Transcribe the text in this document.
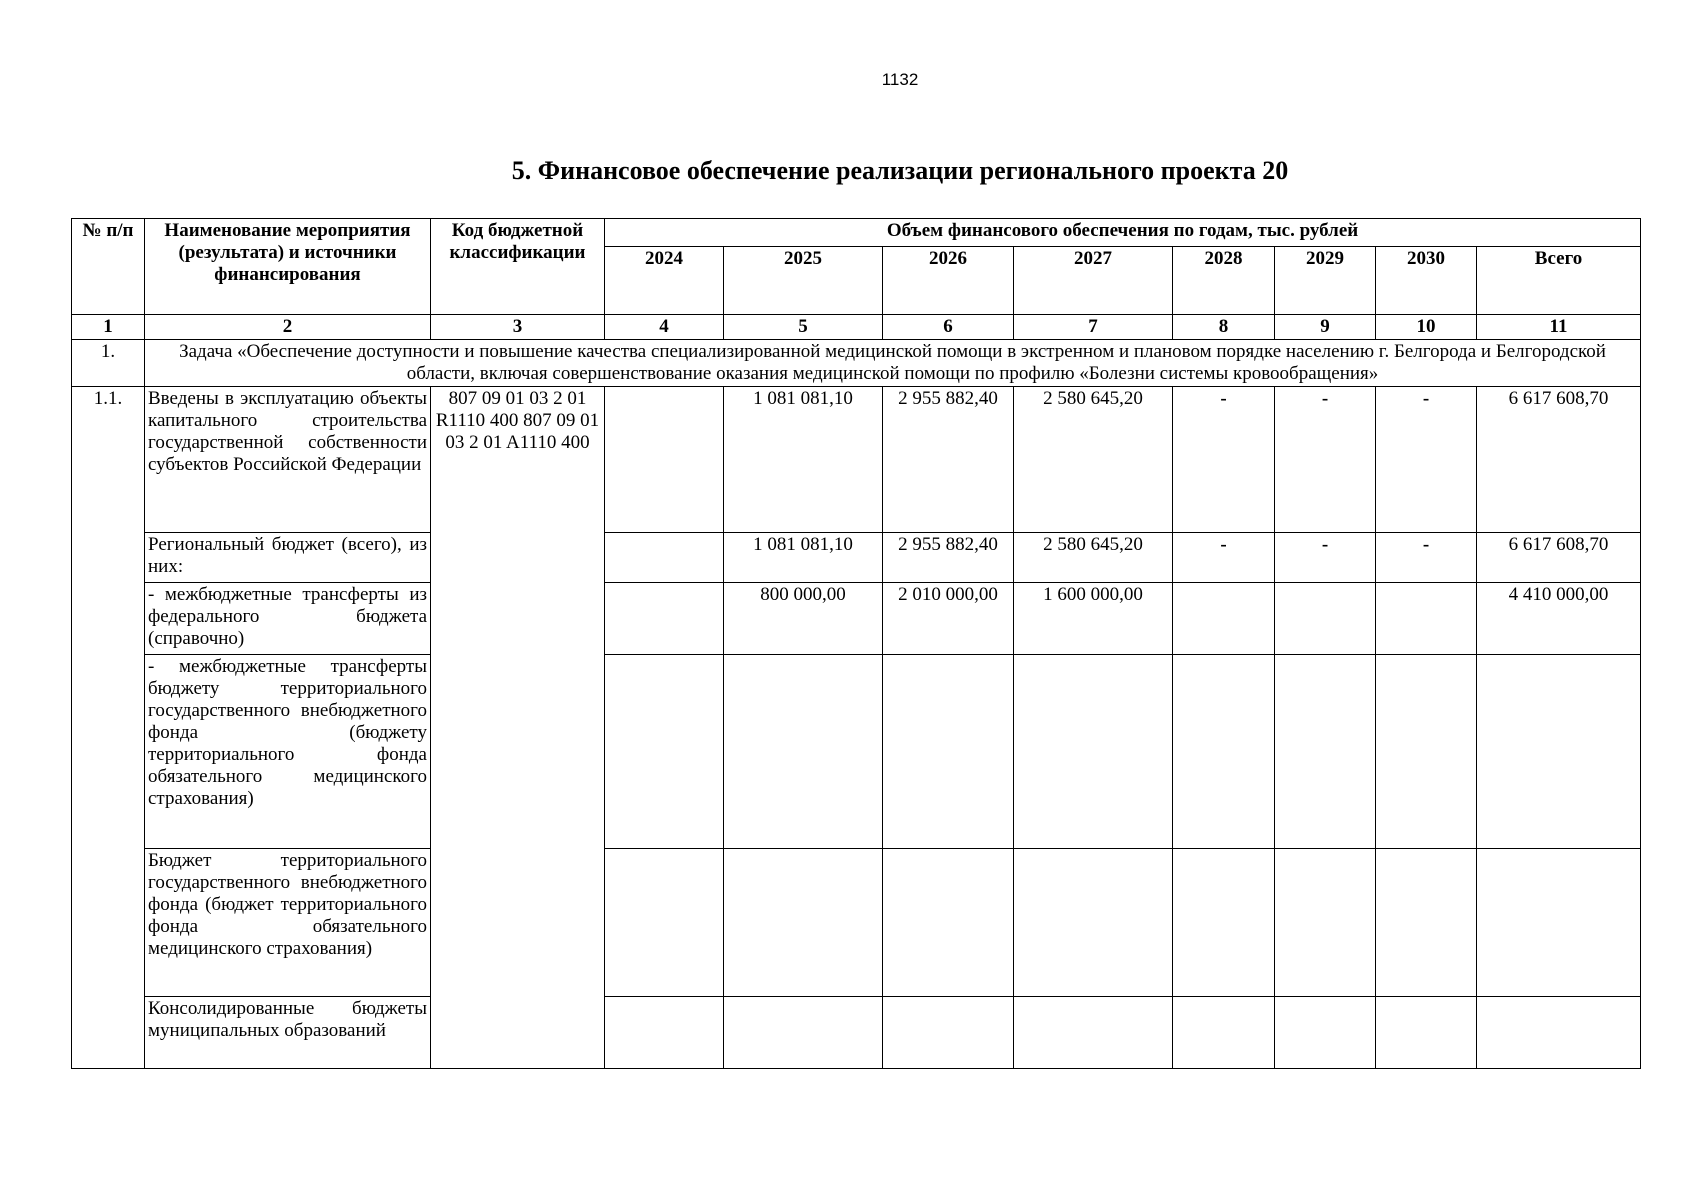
1132
5. Финансовое обеспечение реализации регионального проекта 20
№ п/п	Наименование мероприятия (результата) и источники финансирования	Код бюджетной классификации	Объем финансового обеспечения по годам, тыс. рублей							
			2024	2025	2026	2027	2028	2029	2030	Всего
1	2	3	4	5	6	7	8	9	10	11
1.	Задача «Обеспечение доступности и повышение качества специализированной медицинской помощи в экстренном и плановом порядке населению г. Белгорода и Белгородской области, включая совершенствование оказания медицинской помощи по профилю «Болезни системы кровообращения»									
1.1.	Введены в эксплуатацию объекты капитального строительства государственной собственности субъектов Российской Федерации	807 09 01 03 2 01 R1110 400 807 09 01 03 2 01 A1110 400		1 081 081,10	2 955 882,40	2 580 645,20	-	-	-	6 617 608,70
	Региональный бюджет (всего), из них:			1 081 081,10	2 955 882,40	2 580 645,20	-	-	-	6 617 608,70
	- межбюджетные трансферты из федерального бюджета (справочно)			800 000,00	2 010 000,00	1 600 000,00				4 410 000,00
	- межбюджетные трансферты бюджету территориального государственного внебюджетного фонда (бюджету территориального фонда обязательного медицинского страхования)									
	Бюджет территориального государственного внебюджетного фонда (бюджет территориального фонда обязательного медицинского страхования)									
	Консолидированные бюджеты муниципальных образований									
